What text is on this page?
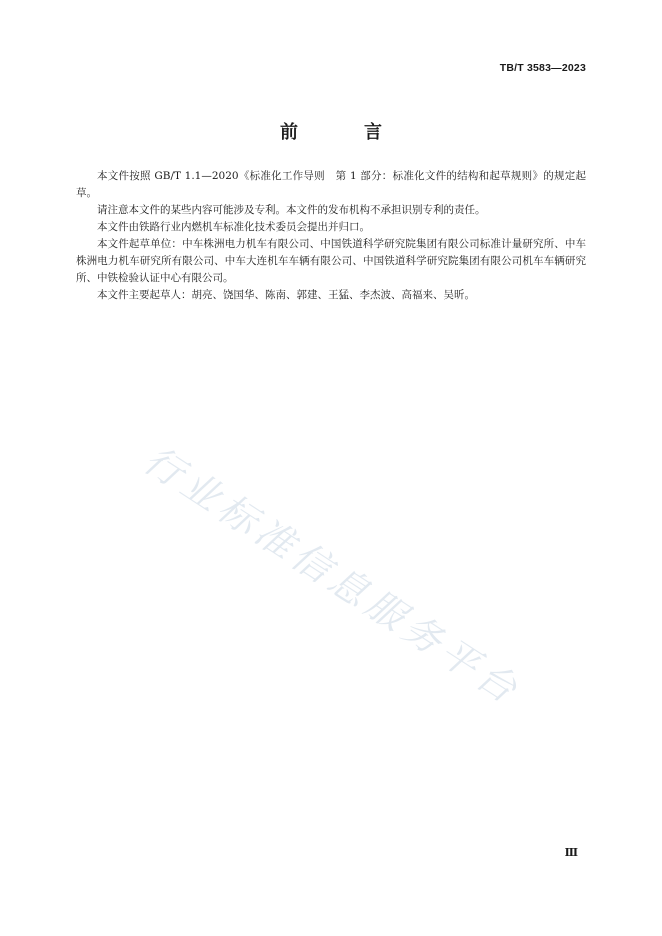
TB/T 3583—2023
前　言

本文件按照 GB/T 1.1—2020《标准化工作导则　第 1 部分：标准化文件的结构和起草规则》的规定起草。

请注意本文件的某些内容可能涉及专利。本文件的发布机构不承担识别专利的责任。

本文件由铁路行业内燃机车标准化技术委员会提出并归口。

本文件起草单位：中车株洲电力机车有限公司、中国铁道科学研究院集团有限公司标准计量研究所、中车株洲电力机车研究所有限公司、中车大连机车车辆有限公司、中国铁道科学研究院集团有限公司机车车辆研究所、中铁检验认证中心有限公司。

本文件主要起草人：胡亮、饶国华、陈南、郭建、王猛、李杰波、高福来、吴昕。

行业标准信息服务平台
Ⅲ
